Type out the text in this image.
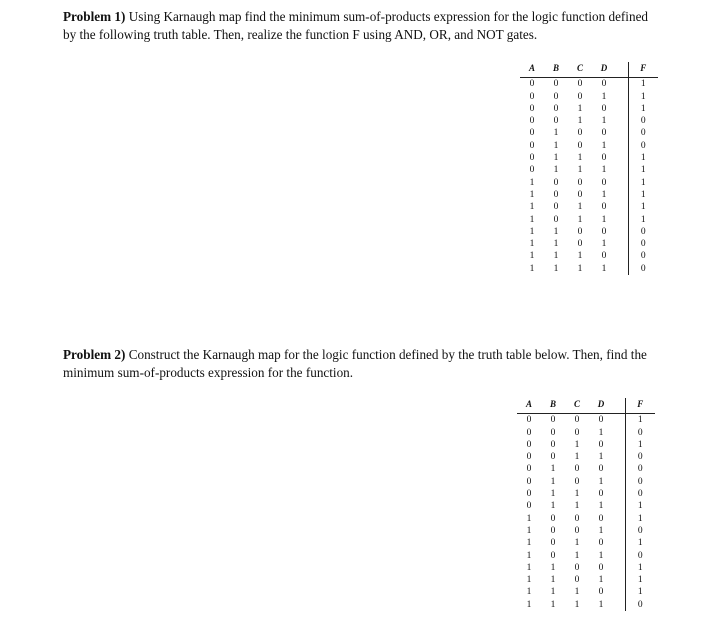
Problem 1) Using Karnaugh map find the minimum sum-of-products expression for the logic function defined by the following truth table. Then, realize the function F using AND, OR, and NOT gates.

A	B	C	D		F
0	0	0	0		1
0	0	0	1		1
0	0	1	0		1
0	0	1	1		0
0	1	0	0		0
0	1	0	1		0
0	1	1	0		1
0	1	1	1		1
1	0	0	0		1
1	0	0	1		1
1	0	1	0		1
1	0	1	1		1
1	1	0	0		0
1	1	0	1		0
1	1	1	0		0
1	1	1	1		0

Problem 2) Construct the Karnaugh map for the logic function defined by the truth table below. Then, find the minimum sum-of-products expression for the function.

A	B	C	D		F
0	0	0	0		1
0	0	0	1		0
0	0	1	0		1
0	0	1	1		0
0	1	0	0		0
0	1	0	1		0
0	1	1	0		0
0	1	1	1		1
1	0	0	0		1
1	0	0	1		0
1	0	1	0		1
1	0	1	1		0
1	1	0	0		1
1	1	0	1		1
1	1	1	0		1
1	1	1	1		0
